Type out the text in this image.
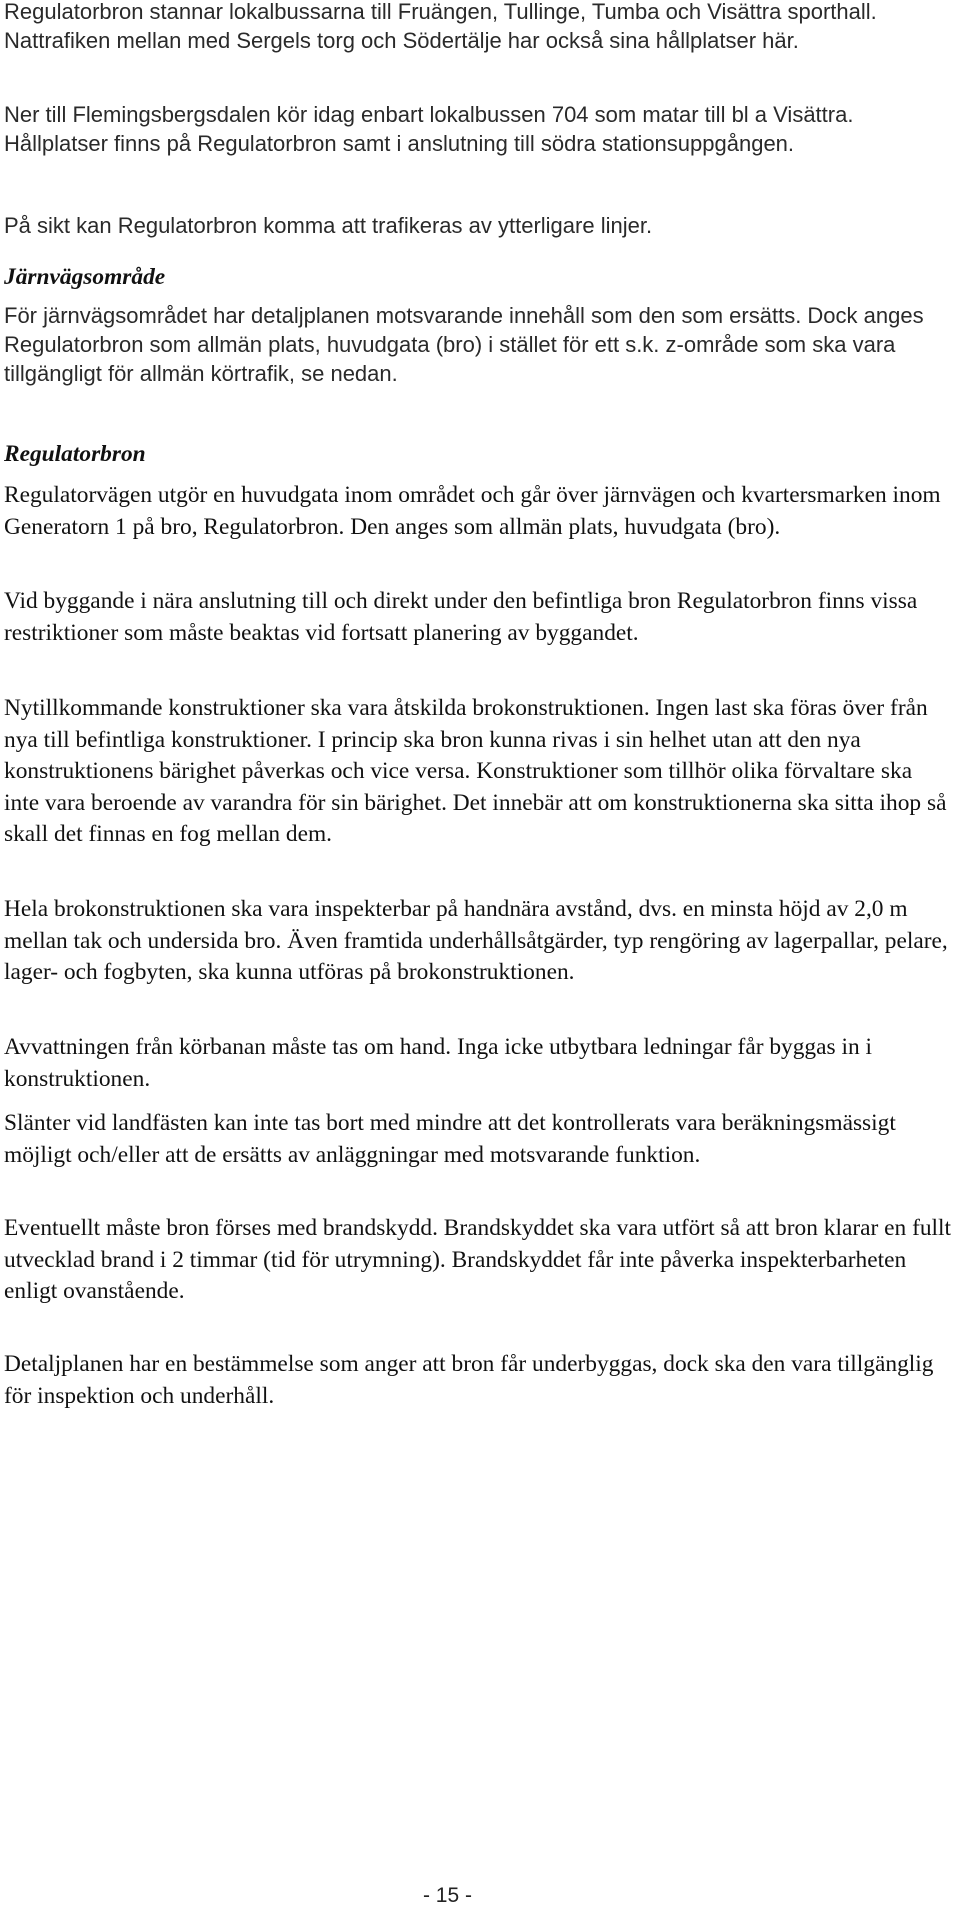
Regulatorbron stannar lokalbussarna till Fruängen, Tullinge, Tumba och Visättra sporthall. Nattrafiken mellan med Sergels torg och Södertälje har också sina hållplatser här.

Ner till Flemingsbergsdalen kör idag enbart lokalbussen 704 som matar till bl a Visättra. Hållplatser finns på Regulatorbron samt i anslutning till södra stationsuppgången.

På sikt kan Regulatorbron komma att trafikeras av ytterligare linjer.

Järnvägsområde

För järnvägsområdet har detaljplanen motsvarande innehåll som den som ersätts. Dock anges Regulatorbron som allmän plats, huvudgata (bro) i stället för ett s.k. z-område som ska vara tillgängligt för allmän körtrafik, se nedan.

Regulatorbron

Regulatorvägen utgör en huvudgata inom området och går över järnvägen och kvartersmarken inom Generatorn 1 på bro, Regulatorbron. Den anges som allmän plats, huvudgata (bro).

Vid byggande i nära anslutning till och direkt under den befintliga bron Regulatorbron finns vissa restriktioner som måste beaktas vid fortsatt planering av byggandet.

Nytillkommande konstruktioner ska vara åtskilda brokonstruktionen. Ingen last ska föras över från nya till befintliga konstruktioner. I princip ska bron kunna rivas i sin helhet utan att den nya konstruktionens bärighet påverkas och vice versa. Konstruktioner som tillhör olika förvaltare ska inte vara beroende av varandra för sin bärighet. Det innebär att om konstruktionerna ska sitta ihop så skall det finnas en fog mellan dem.

Hela brokonstruktionen ska vara inspekterbar på handnära avstånd, dvs. en minsta höjd av 2,0 m mellan tak och undersida bro. Även framtida underhållsåtgärder, typ rengöring av lagerpallar, pelare, lager- och fogbyten, ska kunna utföras på brokonstruktionen.

Avvattningen från körbanan måste tas om hand. Inga icke utbytbara ledningar får byggas in i konstruktionen.

Slänter vid landfästen kan inte tas bort med mindre att det kontrollerats vara beräkningsmässigt möjligt och/eller att de ersätts av anläggningar med motsvarande funktion.

Eventuellt måste bron förses med brandskydd. Brandskyddet ska vara utfört så att bron klarar en fullt utvecklad brand i 2 timmar (tid för utrymning). Brandskyddet får inte påverka inspekterbarheten enligt ovanstående.

Detaljplanen har en bestämmelse som anger att bron får underbyggas, dock ska den vara tillgänglig för inspektion och underhåll.

- 15 -
